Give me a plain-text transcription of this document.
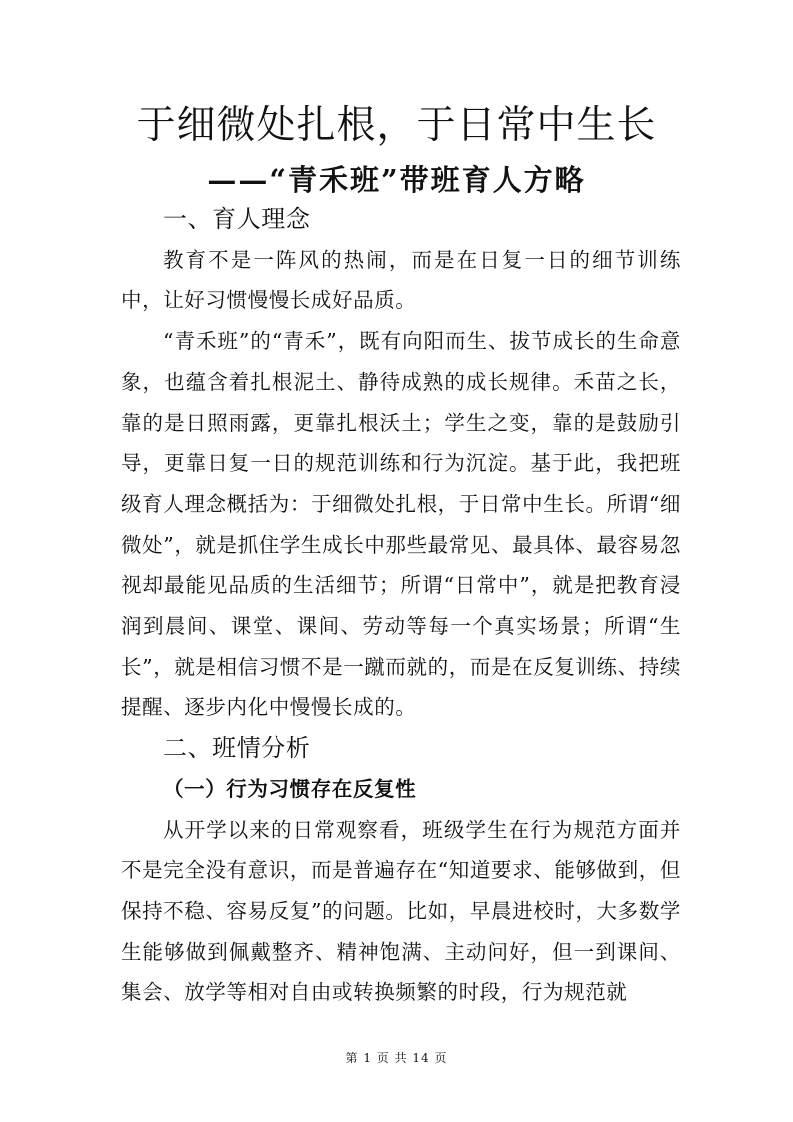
于细微处扎根，于日常中生长
——“青禾班”带班育人方略
一、育人理念

教育不是一阵风的热闹，而是在日复一日的细节训练中，让好习惯慢慢长成好品质。

“青禾班”的“青禾”，既有向阳而生、拔节成长的生命意象，也蕴含着扎根泥土、静待成熟的成长规律。禾苗之长，靠的是日照雨露，更靠扎根沃土；学生之变，靠的是鼓励引导，更靠日复一日的规范训练和行为沉淀。基于此，我把班级育人理念概括为：于细微处扎根，于日常中生长。所谓“细微处”，就是抓住学生成长中那些最常见、最具体、最容易忽视却最能见品质的生活细节；所谓“日常中”，就是把教育浸润到晨间、课堂、课间、劳动等每一个真实场景；所谓“生长”，就是相信习惯不是一蹴而就的，而是在反复训练、持续提醒、逐步内化中慢慢长成的。

二、班情分析
（一）行为习惯存在反复性

从开学以来的日常观察看，班级学生在行为规范方面并不是完全没有意识，而是普遍存在“知道要求、能够做到，但保持不稳、容易反复”的问题。比如，早晨进校时，大多数学生能够做到佩戴整齐、精神饱满、主动问好，但一到课间、集会、放学等相对自由或转换频繁的时段，行为规范就

第 1 页 共 14 页
